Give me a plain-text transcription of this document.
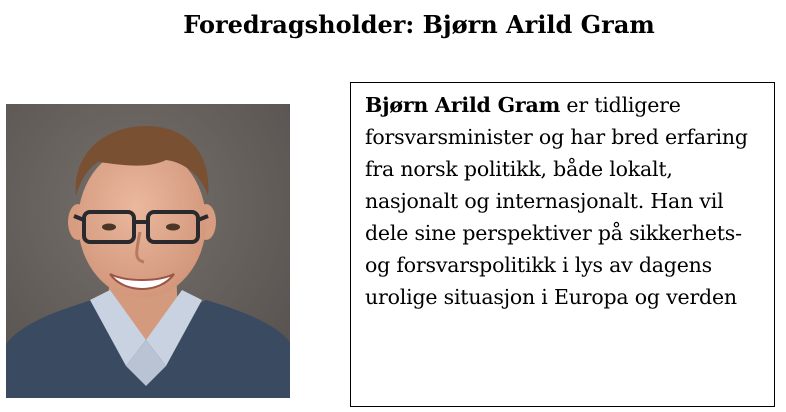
Foredragsholder: Bjørn Arild Gram
Bjørn Arild Gram er tidligere forsvarsminister og har bred erfaring fra norsk politikk, både lokalt, nasjonalt og internasjonalt. Han vil dele sine perspektiver på sikkerhets- og forsvarspolitikk i lys av dagens urolige situasjon i Europa og verden
